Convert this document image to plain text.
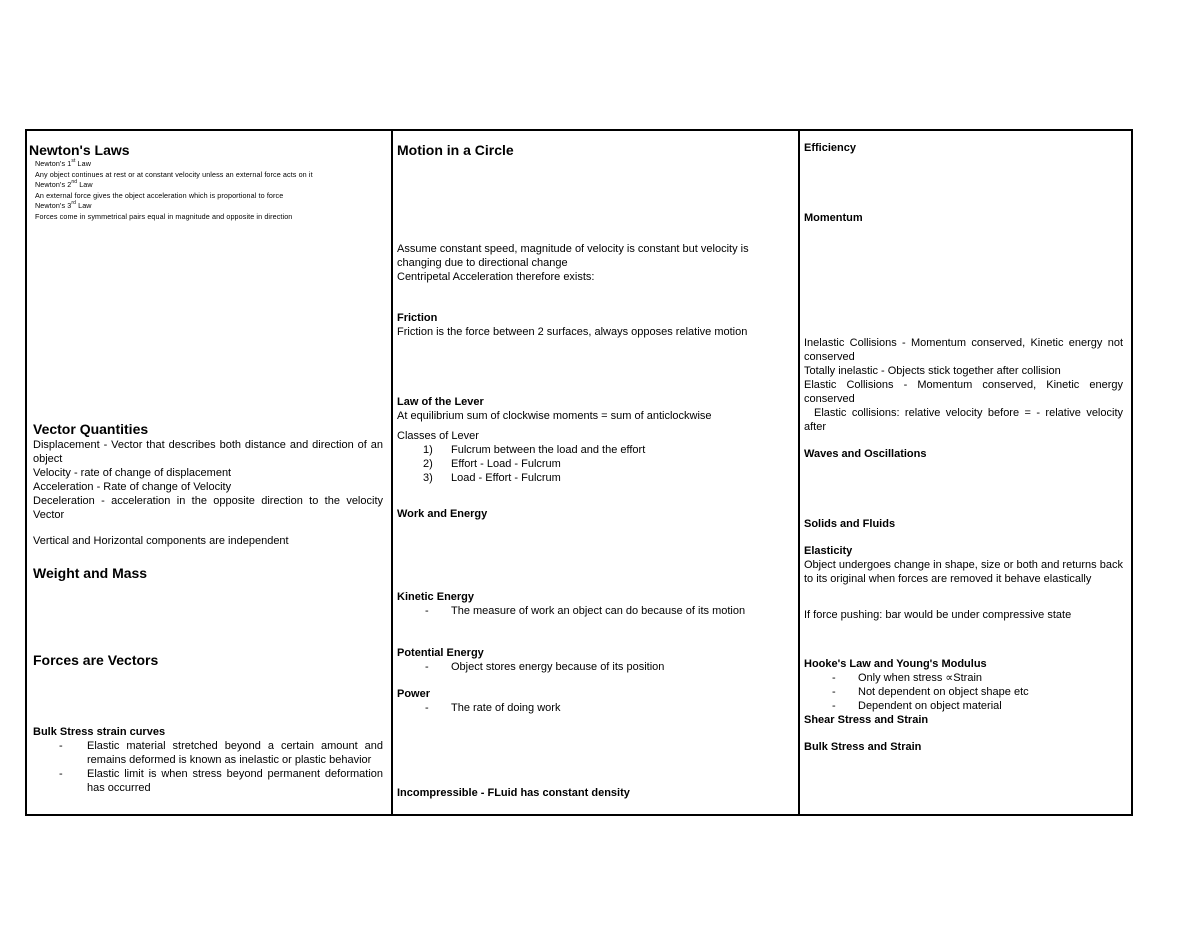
Newton's Laws
Newton's 1st Law
Any object continues at rest or at constant velocity unless an external force acts on it
Newton's 2nd Law
An external force gives the object acceleration which is proportional to force
Newton's 3rd Law
Forces come in symmetrical pairs equal in magnitude and opposite in direction
Vector Quantities
Displacement - Vector that describes both distance and direction of an object
Velocity - rate of change of displacement
Acceleration - Rate of change of Velocity
Deceleration - acceleration in the opposite direction to the velocity Vector
Vertical and Horizontal components are independent
Weight and Mass
Forces are Vectors
Bulk Stress strain curves
- Elastic material stretched beyond a certain amount and remains deformed is known as inelastic or plastic behavior
- Elastic limit is when stress beyond permanent deformation has occurred
Motion in a Circle
Assume constant speed, magnitude of velocity is constant but velocity is changing due to directional change
Centripetal Acceleration therefore exists:
Friction
Friction is the force between 2 surfaces, always opposes relative motion
Law of the Lever
At equilibrium sum of clockwise moments = sum of anticlockwise
Classes of Lever
1) Fulcrum between the load and the effort
2) Effort - Load - Fulcrum
3) Load - Effort - Fulcrum
Work and Energy
Kinetic Energy
- The measure of work an object can do because of its motion
Potential Energy
- Object stores energy because of its position
Power
- The rate of doing work
Incompressible - FLuid has constant density
Efficiency
Momentum
Inelastic Collisions - Momentum conserved, Kinetic energy not conserved
Totally inelastic - Objects stick together after collision
Elastic Collisions - Momentum conserved, Kinetic energy conserved
Elastic collisions: relative velocity before = - relative velocity after
Waves and Oscillations
Solids and Fluids
Elasticity
Object undergoes change in shape, size or both and returns back to its original when forces are removed it behave elastically
If force pushing: bar would be under compressive state
Hooke's Law and Young's Modulus
- Only when stress ∝Strain
- Not dependent on object shape etc
- Dependent on object material
Shear Stress and Strain
Bulk Stress and Strain
